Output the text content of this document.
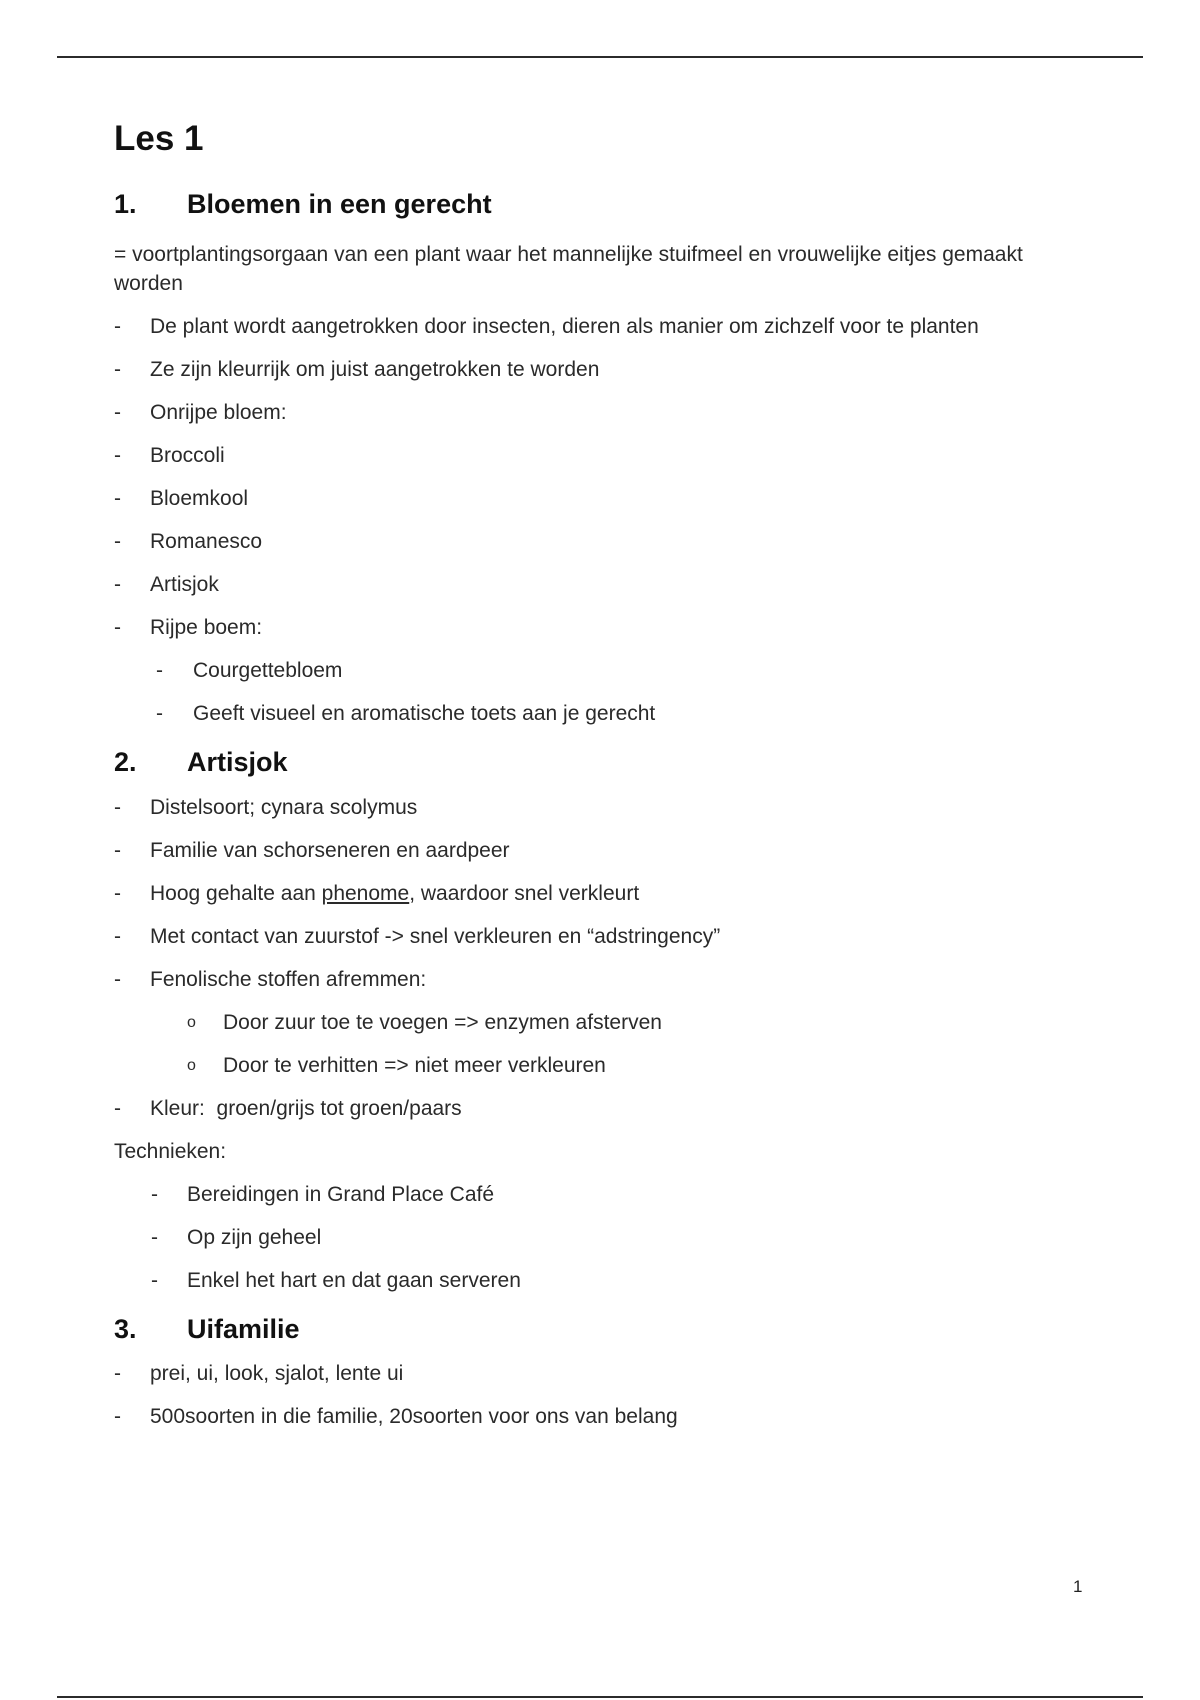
Les 1
1.	Bloemen in een gerecht

= voortplantingsorgaan van een plant waar het mannelijke stuifmeel en vrouwelijke eitjes gemaakt worden

-	De plant wordt aangetrokken door insecten, dieren als manier om zichzelf voor te planten
-	Ze zijn kleurrijk om juist aangetrokken te worden
-	Onrijpe bloem:
-	Broccoli
-	Bloemkool
-	Romanesco
-	Artisjok
-	Rijpe boem:
-	Courgettebloem
-	Geeft visueel en aromatische toets aan je gerecht
2.	Artisjok
-	Distelsoort; cynara scolymus
-	Familie van schorseneren en aardpeer
-	Hoog gehalte aan phenome, waardoor snel verkleurt
-	Met contact van zuurstof -> snel verkleuren en “adstringency”
-	Fenolische stoffen afremmen:
o	Door zuur toe te voegen => enzymen afsterven
o	Door te verhitten => niet meer verkleuren
-	Kleur:  groen/grijs tot groen/paars

Technieken:

-	Bereidingen in Grand Place Café
-	Op zijn geheel
-	Enkel het hart en dat gaan serveren
3.	Uifamilie
-	prei, ui, look, sjalot, lente ui
-	500soorten in die familie, 20soorten voor ons van belang
1
